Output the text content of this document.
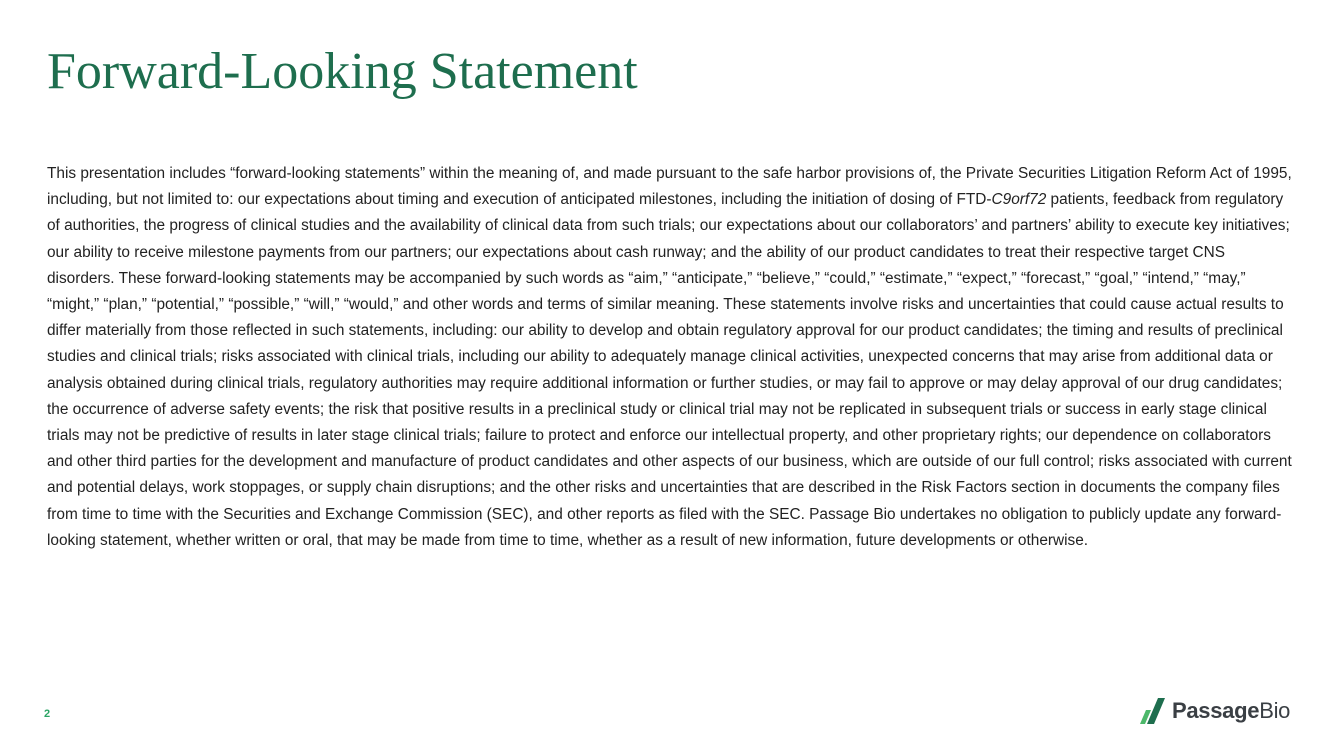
Forward-Looking Statement

This presentation includes “forward-looking statements” within the meaning of, and made pursuant to the safe harbor provisions of, the Private Securities Litigation Reform Act of 1995, including, but not limited to: our expectations about timing and execution of anticipated milestones, including the initiation of dosing of FTD-C9orf72 patients, feedback from regulatory of authorities, the progress of clinical studies and the availability of clinical data from such trials; our expectations about our collaborators’ and partners’ ability to execute key initiatives; our ability to receive milestone payments from our partners; our expectations about cash runway; and the ability of our product candidates to treat their respective target CNS disorders. These forward-looking statements may be accompanied by such words as “aim,” “anticipate,” “believe,” “could,” “estimate,” “expect,” “forecast,” “goal,” “intend,” “may,” “might,” “plan,” “potential,” “possible,” “will,” “would,” and other words and terms of similar meaning. These statements involve risks and uncertainties that could cause actual results to differ materially from those reflected in such statements, including: our ability to develop and obtain regulatory approval for our product candidates; the timing and results of preclinical studies and clinical trials; risks associated with clinical trials, including our ability to adequately manage clinical activities, unexpected concerns that may arise from additional data or analysis obtained during clinical trials, regulatory authorities may require additional information or further studies, or may fail to approve or may delay approval of our drug candidates; the occurrence of adverse safety events; the risk that positive results in a preclinical study or clinical trial may not be replicated in subsequent trials or success in early stage clinical trials may not be predictive of results in later stage clinical trials; failure to protect and enforce our intellectual property, and other proprietary rights; our dependence on collaborators and other third parties for the development and manufacture of product candidates and other aspects of our business, which are outside of our full control; risks associated with current and potential delays, work stoppages, or supply chain disruptions; and the other risks and uncertainties that are described in the Risk Factors section in documents the company files from time to time with the Securities and Exchange Commission (SEC), and other reports as filed with the SEC. Passage Bio undertakes no obligation to publicly update any forward-looking statement, whether written or oral, that may be made from time to time, whether as a result of new information, future developments or otherwise.

2	PassageBio
